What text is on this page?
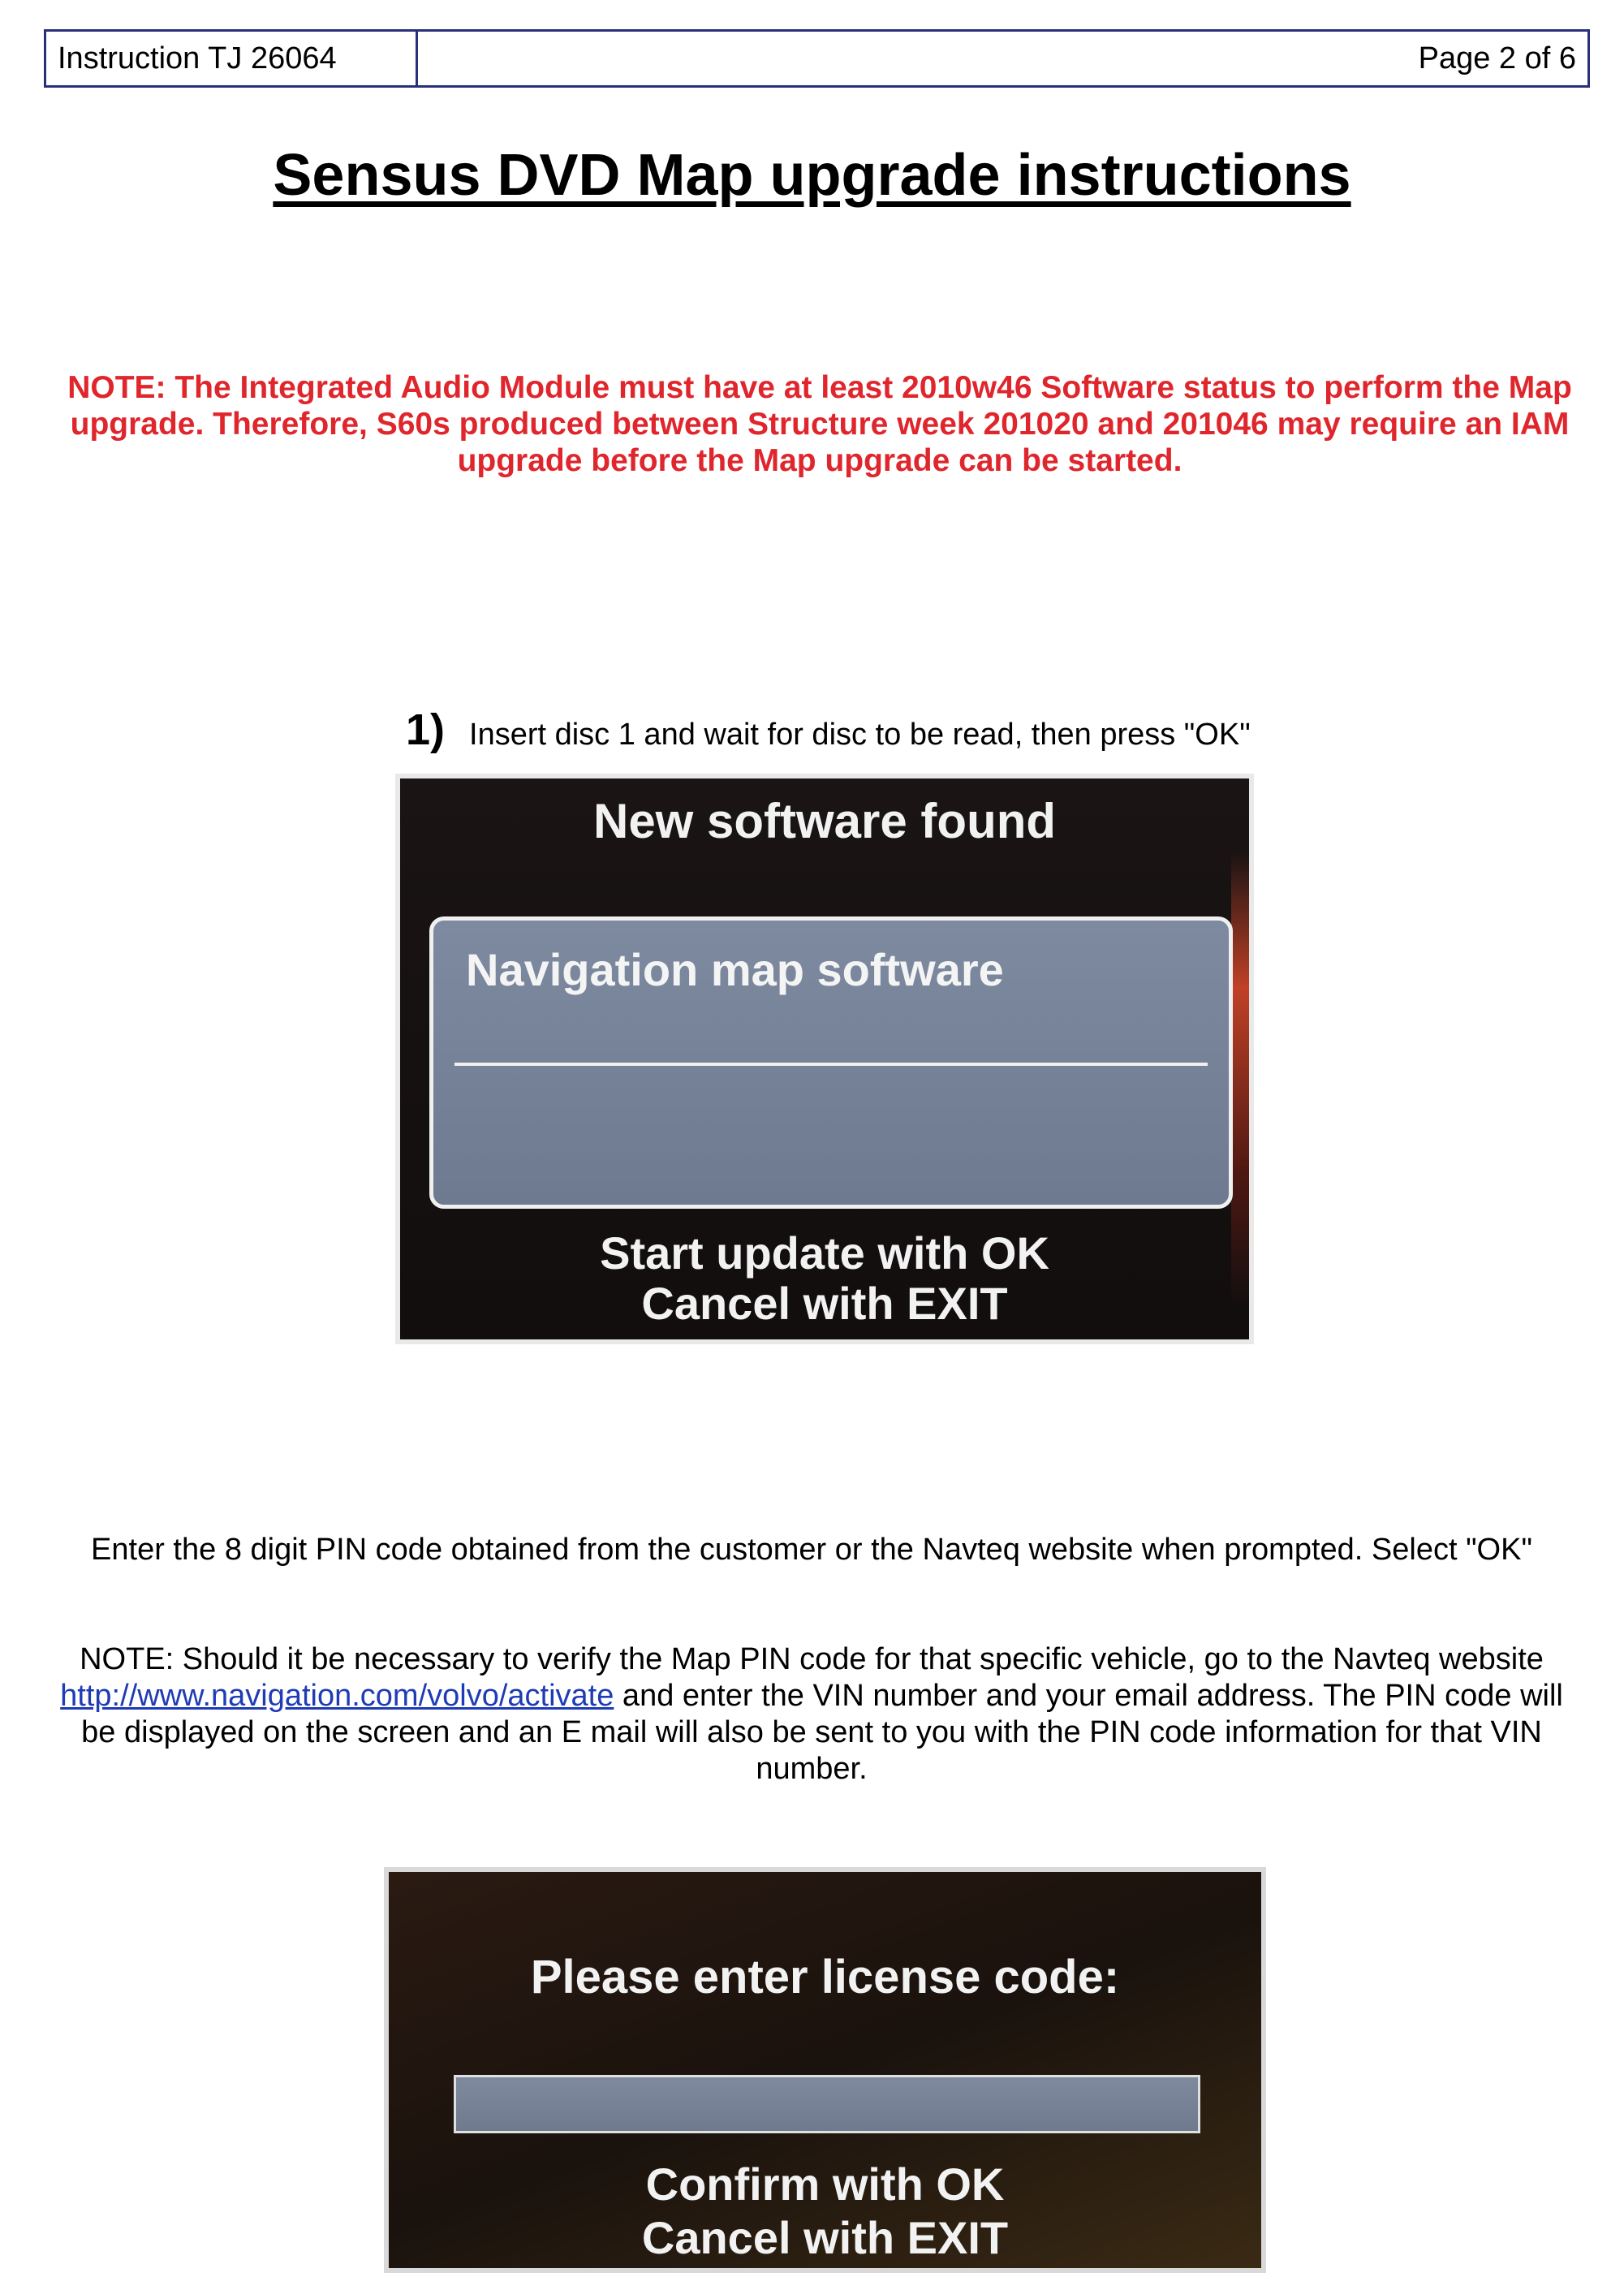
Instruction TJ 26064	Page 2 of 6
Sensus DVD Map upgrade instructions
NOTE: The Integrated Audio Module must have at least 2010w46 Software status to perform the Map upgrade. Therefore, S60s produced between Structure week 201020 and 201046 may require an IAM upgrade before the Map upgrade can be started.
1) Insert disc 1 and wait for disc to be read, then press "OK"
New software found
Navigation map software
Start update with OK
Cancel with EXIT
Enter the 8 digit PIN code obtained from the customer or the Navteq website when prompted. Select "OK"
NOTE: Should it be necessary to verify the Map PIN code for that specific vehicle, go to the Navteq website
http://www.navigation.com/volvo/activate and enter the VIN number and your email address. The PIN code will be displayed on the screen and an E mail will also be sent to you with the PIN code information for that VIN number.
Please enter license code:
Confirm with OK
Cancel with EXIT
